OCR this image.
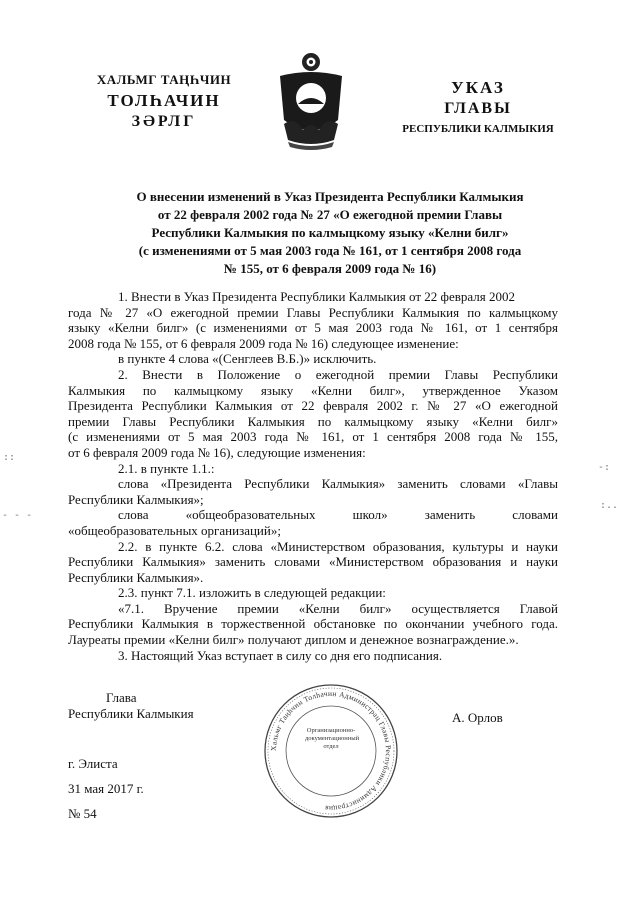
ХАЛЬМГ ТАҢҺЧИН
ТОЛҺАЧИН
ЗӘРЛГ
УКАЗ
ГЛАВЫ
РЕСПУБЛИКИ КАЛМЫКИЯ
О внесении изменений в Указ Президента Республики Калмыкия
от 22 февраля 2002 года № 27 «О ежегодной премии Главы
Республики Калмыкия по калмыцкому языку «Келни билг»
(с изменениями от 5 мая 2003 года № 161, от 1 сентября 2008 года
№ 155, от 6 февраля 2009 года № 16)
1. Внести в Указ Президента Республики Калмыкия от 22 февраля 2002
года № 27 «О ежегодной премии Главы Республики Калмыкия по калмыцкому
языку «Келни билг» (с изменениями от 5 мая 2003 года № 161, от 1 сентября
2008 года № 155, от 6 февраля 2009 года № 16) следующее изменение:
в пункте 4 слова «(Сенглеев В.Б.)» исключить.
2. Внести в Положение о ежегодной премии Главы Республики
Калмыкия по калмыцкому языку «Келни билг», утвержденное Указом
Президента Республики Калмыкия от 22 февраля 2002 г. № 27 «О ежегодной
премии Главы Республики Калмыкия по калмыцкому языку «Келни билг»
(с изменениями от 5 мая 2003 года № 161, от 1 сентября 2008 года № 155,
от 6 февраля 2009 года № 16), следующие изменения:
2.1. в пункте 1.1.:
слова «Президента Республики Калмыкия» заменить словами «Главы
Республики Калмыкия»;
слова «общеобразовательных школ» заменить словами
«общеобразовательных организаций»;
2.2. в пункте 6.2. слова «Министерством образования, культуры и науки
Республики Калмыкия» заменить словами «Министерством образования и науки
Республики Калмыкия».
2.3. пункт 7.1. изложить в следующей редакции:
«7.1. Вручение премии «Келни билг» осуществляется Главой
Республики Калмыкия в торжественной обстановке по окончании учебного года.
Лауреаты премии «Келни билг» получают диплом и денежное вознаграждение.».
3. Настоящий Указ вступает в силу со дня его подписания.
Глава
Республики Калмыкия	А. Орлов
Хальмг Таңһчин Толһачин Администрац Главы Республики Администрация
Организационно-
документационный
отдел
г. Элиста
31 мая 2017 г.
№ 54
::
- - -
-:
:..
